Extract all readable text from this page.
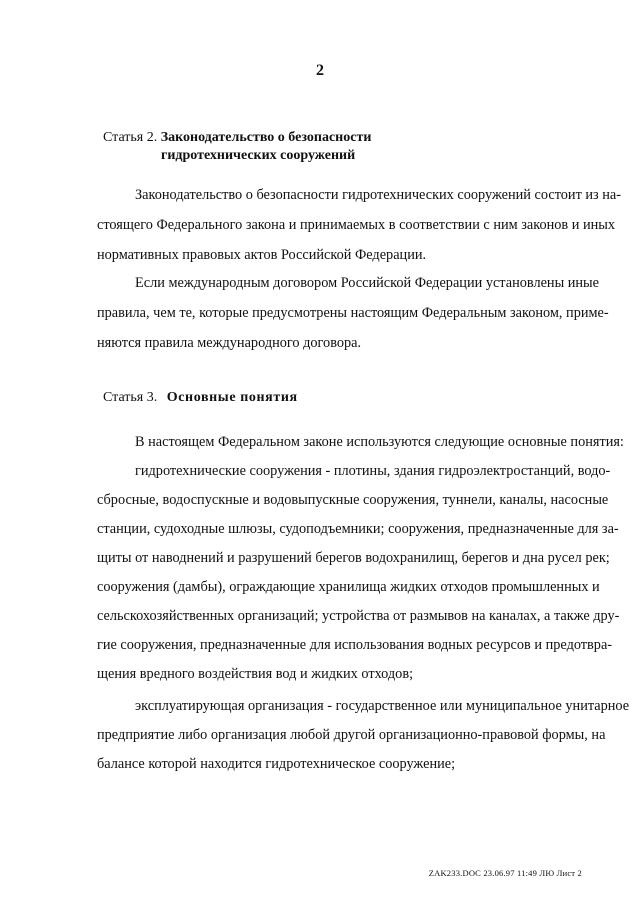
2
Статья 2. Законодательство о безопасности
гидротехнических сооружений
Законодательство о безопасности гидротехнических сооружений состоит из на-
стоящего Федерального закона и принимаемых в соответствии с ним законов и иных
нормативных правовых актов Российской Федерации.
Если международным договором Российской Федерации установлены иные
правила, чем те, которые предусмотрены настоящим Федеральным законом, приме-
няются правила международного договора.
Статья 3. Основные понятия
В настоящем Федеральном законе используются следующие основные понятия:
гидротехнические сооружения - плотины, здания гидроэлектростанций, водо-
сбросные, водоспускные и водовыпускные сооружения, туннели, каналы, насосные
станции, судоходные шлюзы, судоподъемники; сооружения, предназначенные для за-
щиты от наводнений и разрушений берегов водохранилищ, берегов и дна русел рек;
сооружения (дамбы), ограждающие хранилища жидких отходов промышленных и
сельскохозяйственных организаций; устройства от размывов на каналах, а также дру-
гие сооружения, предназначенные для использования водных ресурсов и предотвра-
щения вредного воздействия вод и жидких отходов;
эксплуатирующая организация - государственное или муниципальное унитарное
предприятие либо организация любой другой организационно-правовой формы, на
балансе которой находится гидротехническое сооружение;
ZAK233.DOC 23.06.97 11:49 ЛЮ Лист 2
